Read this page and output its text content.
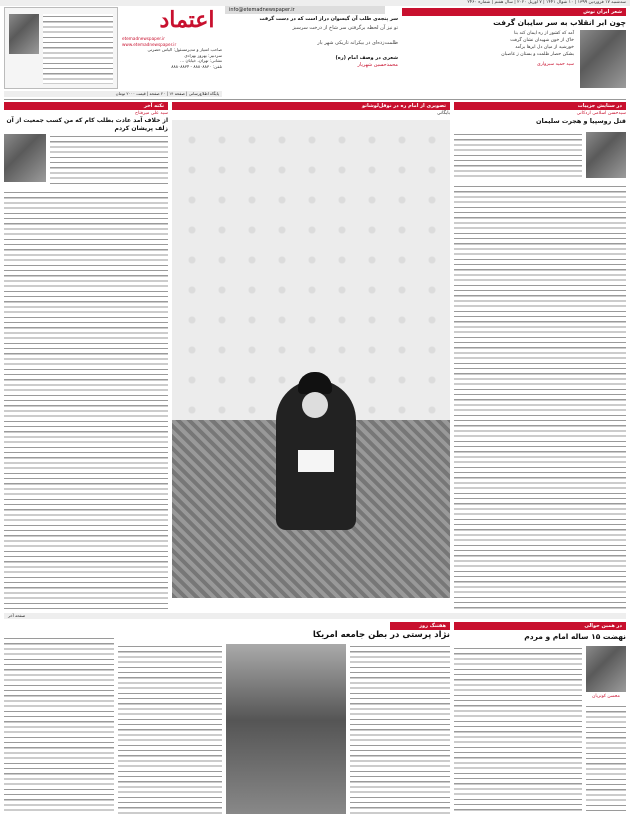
سه‌شنبه ۱۷ فروردین ۱۳۹۹ | ۱۰ شوال ۱۴۴۱ | ۷ آوریل ۲۰۲۰ | سال هفتم | شماره ۲۴۶۰
اعتماد	info@etemadnewspaper.ir
etemadnewspaper.ir
www.etemadnewspaper.ir
صاحب امتیاز و مدیرمسئول: الیاس حضرتی
سردبیر: بهروز بهزادی
نشانی: تهران، خیابان ...
تلفن: ۸۸۸۰۸۸۳۰ - ۸۸۸۰۸۸۳۴
پایگاه اطلاع‌رسانی | صفحه ۱۴ | ۲۰ صفحه | قیمت ۲۰۰۰ تومان
سر پنجه‌ی طلب آن گیسوان دراز است که در دست گرفت
تو نیز آن لحظه برگرفتی سر شاخ از درخت سرسبز
ظلمت‌زده‌ای در بیکرانه تاریکی شهر بار
شعری در وصف امام (ره)
محمدحسین شهریار
شعر ایران نوش
چون ابر انقلاب به سر سایبان گرفت
آمد که کشور از ره ایمان کند بنا
خاک از خون شهیدان نشان گرفت
خورشید از میان دل ابرها برآمد
بشکن حصار ظلمت و بستان ز غاصبان
سید حمید سبزواری
نکته آخر
سید علی میرفتاح
از خلاف آمد عادت بطلب کام که من کسب جمعیت از آن زلف پریشان کردم
تصویری از امام ره در نوفل‌لوشاتو
بایگانی
در ستایش جزییات
سیدحسن اسلامی اردکانی
قتل روسپیا و هجرت سلیمان
صفحه آخر
در همین حوالی
نهضت ۱۵ ساله امام و مردم
محسن کوثریان
هفتنگ روز
نژاد پرستی در بطن جامعه امریکا
